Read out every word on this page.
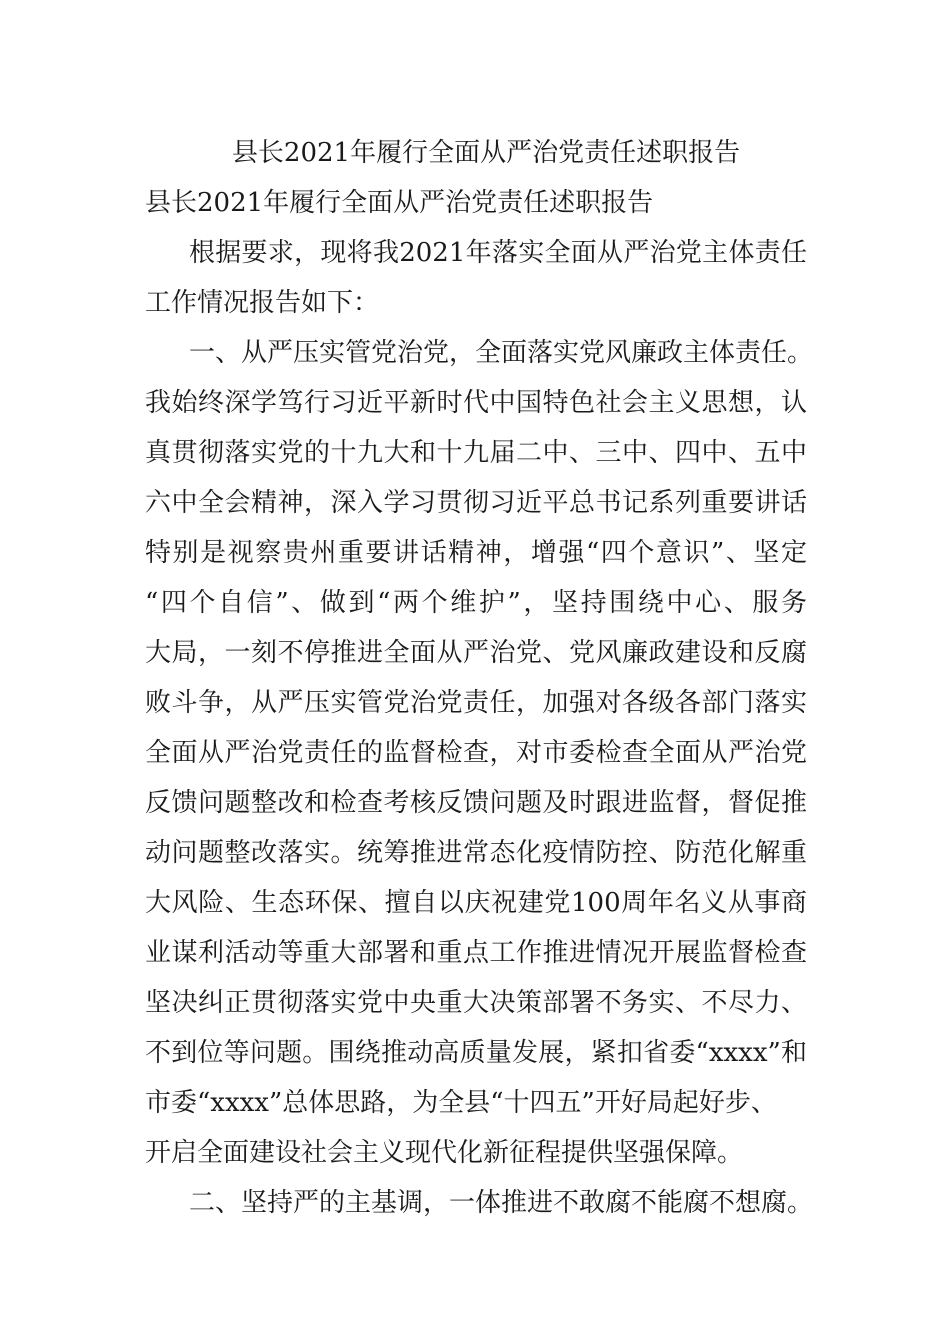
县长2021年履行全面从严治党责任述职报告
县长2021年履行全面从严治党责任述职报告
根据要求，现将我2021年落实全面从严治党主体责任
工作情况报告如下：
一、从严压实管党治党，全面落实党风廉政主体责任。
我始终深学笃行习近平新时代中国特色社会主义思想，认
真贯彻落实党的十九大和十九届二中、三中、四中、五中
六中全会精神，深入学习贯彻习近平总书记系列重要讲话
特别是视察贵州重要讲话精神，增强“四个意识”、坚定
“四个自信”、做到“两个维护”，坚持围绕中心、服务
大局，一刻不停推进全面从严治党、党风廉政建设和反腐
败斗争，从严压实管党治党责任，加强对各级各部门落实
全面从严治党责任的监督检查，对市委检查全面从严治党
反馈问题整改和检查考核反馈问题及时跟进监督，督促推
动问题整改落实。统筹推进常态化疫情防控、防范化解重
大风险、生态环保、擅自以庆祝建党100周年名义从事商
业谋利活动等重大部署和重点工作推进情况开展监督检查
坚决纠正贯彻落实党中央重大决策部署不务实、不尽力、
不到位等问题。围绕推动高质量发展，紧扣省委“xxxx”和
市委“xxxx”总体思路，为全县“十四五”开好局起好步、
开启全面建设社会主义现代化新征程提供坚强保障。
二、坚持严的主基调，一体推进不敢腐不能腐不想腐。
